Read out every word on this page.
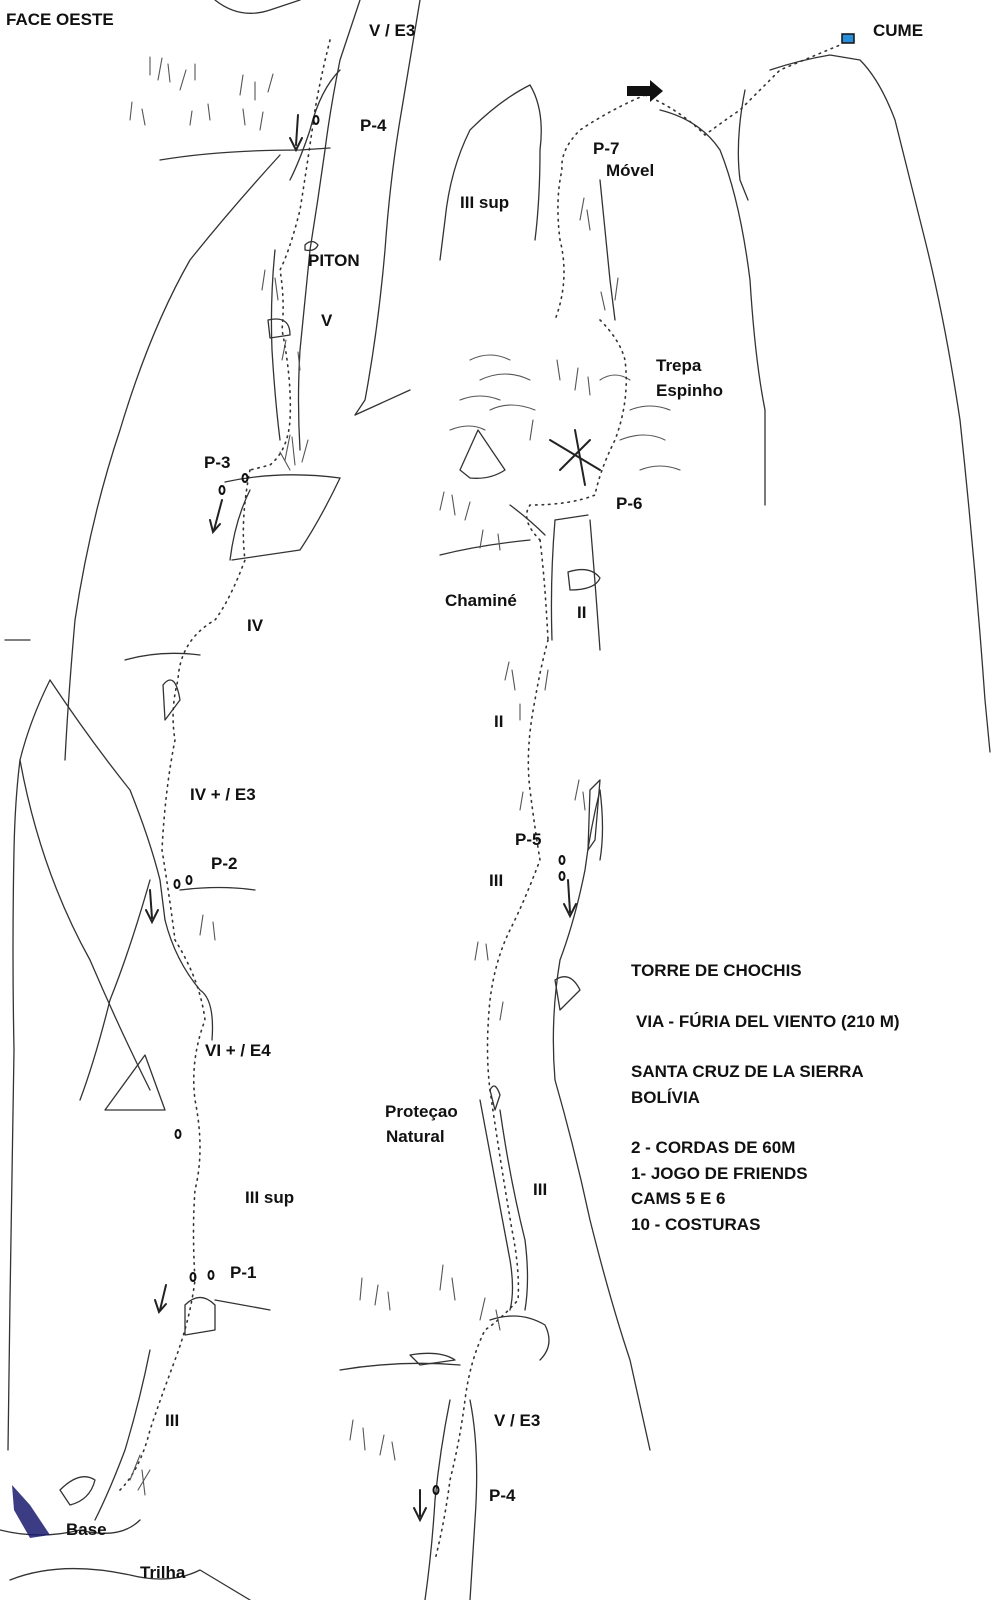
FACE OESTE
CUME
V / E3
P-4
P-7
Móvel
III sup
PITON
V
Trepa
Espinho
P-3
P-6
Chaminé
II
IV
II
IV + / E3
P-5
P-2
III
VI + / E4
Proteçao
Natural
III
III sup
P-1
III	V / E3
P-4
Base
Trilha
TORRE DE CHOCHIS
VIA - FÚRIA DEL VIENTO (210 M)
SANTA CRUZ DE LA SIERRA
BOLÍVIA
2 - CORDAS DE 60M
1- JOGO DE FRIENDS
CAMS 5 E 6
10 - COSTURAS
